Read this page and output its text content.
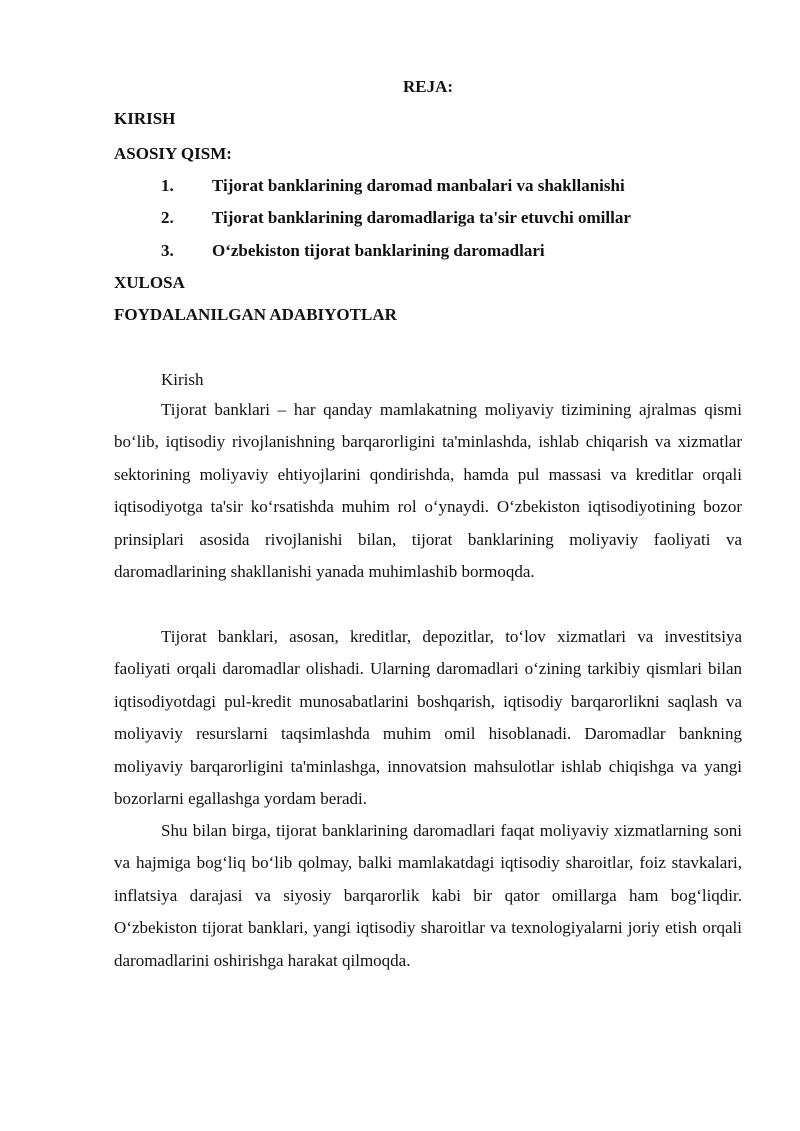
REJA:
KIRISH
ASOSIY QISM:
1. Tijorat banklarining daromad manbalari va shakllanishi
2. Tijorat banklarining daromadlariga ta'sir etuvchi omillar
3. O‘zbekiston tijorat banklarining daromadlari
XULOSA
FOYDALANILGAN ADABIYOTLAR
Kirish

Tijorat banklari – har qanday mamlakatning moliyaviy tizimining ajralmas qismi bo‘lib, iqtisodiy rivojlanishning barqarorligini ta'minlashda, ishlab chiqarish va xizmatlar sektorining moliyaviy ehtiyojlarini qondirishda, hamda pul massasi va kreditlar orqali iqtisodiyotga ta'sir ko‘rsatishda muhim rol o‘ynaydi. O‘zbekiston iqtisodiyotining bozor prinsiplari asosida rivojlanishi bilan, tijorat banklarining moliyaviy faoliyati va daromadlarining shakllanishi yanada muhimlashib bormoqda.

Tijorat banklari, asosan, kreditlar, depozitlar, to‘lov xizmatlari va investitsiya faoliyati orqali daromadlar olishadi. Ularning daromadlari o‘zining tarkibiy qismlari bilan iqtisodiyotdagi pul-kredit munosabatlarini boshqarish, iqtisodiy barqarorlikni saqlash va moliyaviy resurslarni taqsimlashda muhim omil hisoblanadi. Daromadlar bankning moliyaviy barqarorligini ta'minlashga, innovatsion mahsulotlar ishlab chiqishga va yangi bozorlarni egallashga yordam beradi.

Shu bilan birga, tijorat banklarining daromadlari faqat moliyaviy xizmatlarning soni va hajmiga bog‘liq bo‘lib qolmay, balki mamlakatdagi iqtisodiy sharoitlar, foiz stavkalari, inflatsiya darajasi va siyosiy barqarorlik kabi bir qator omillarga ham bog‘liqdir. O‘zbekiston tijorat banklari, yangi iqtisodiy sharoitlar va texnologiyalarni joriy etish orqali daromadlarini oshirishga harakat qilmoqda.
